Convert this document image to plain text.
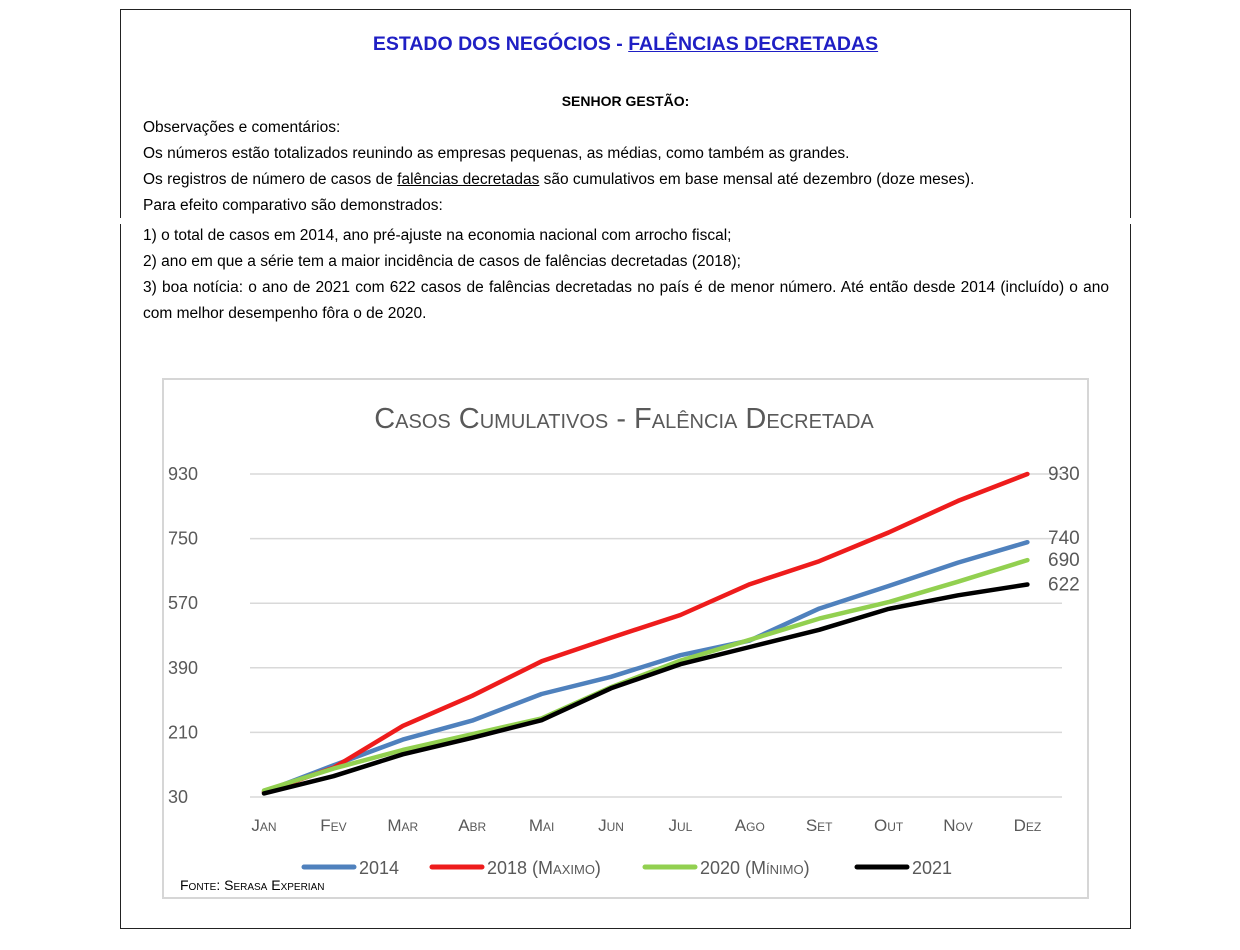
ESTADO DOS NEGÓCIOS - FALÊNCIAS DECRETADAS
SENHOR GESTÃO:
Observações e comentários:
Os números estão totalizados reunindo as empresas pequenas, as médias, como também as grandes.
Os registros de número de casos de falências decretadas são cumulativos em base mensal até dezembro (doze meses).
Para efeito comparativo são demonstrados:
1) o total de casos em 2014, ano pré-ajuste na economia nacional com arrocho fiscal;
2) ano em que a série tem a maior incidência de casos de falências decretadas (2018);
3) boa notícia: o ano de 2021 com 622 casos de falências decretadas no país é de menor número. Até então desde 2014 (incluído) o ano com melhor desempenho fôra o de 2020.
Casos Cumulativos - Falência Decretada
30
210
390
570
750
930
Jan	Fev Mar Abr	Mai	Jun	Jul Ago Set Out Nov Dez
740
930
690
622
2014	2018 (Maximo)	2020 (Mínimo)	2021
Fonte: Serasa Experian
